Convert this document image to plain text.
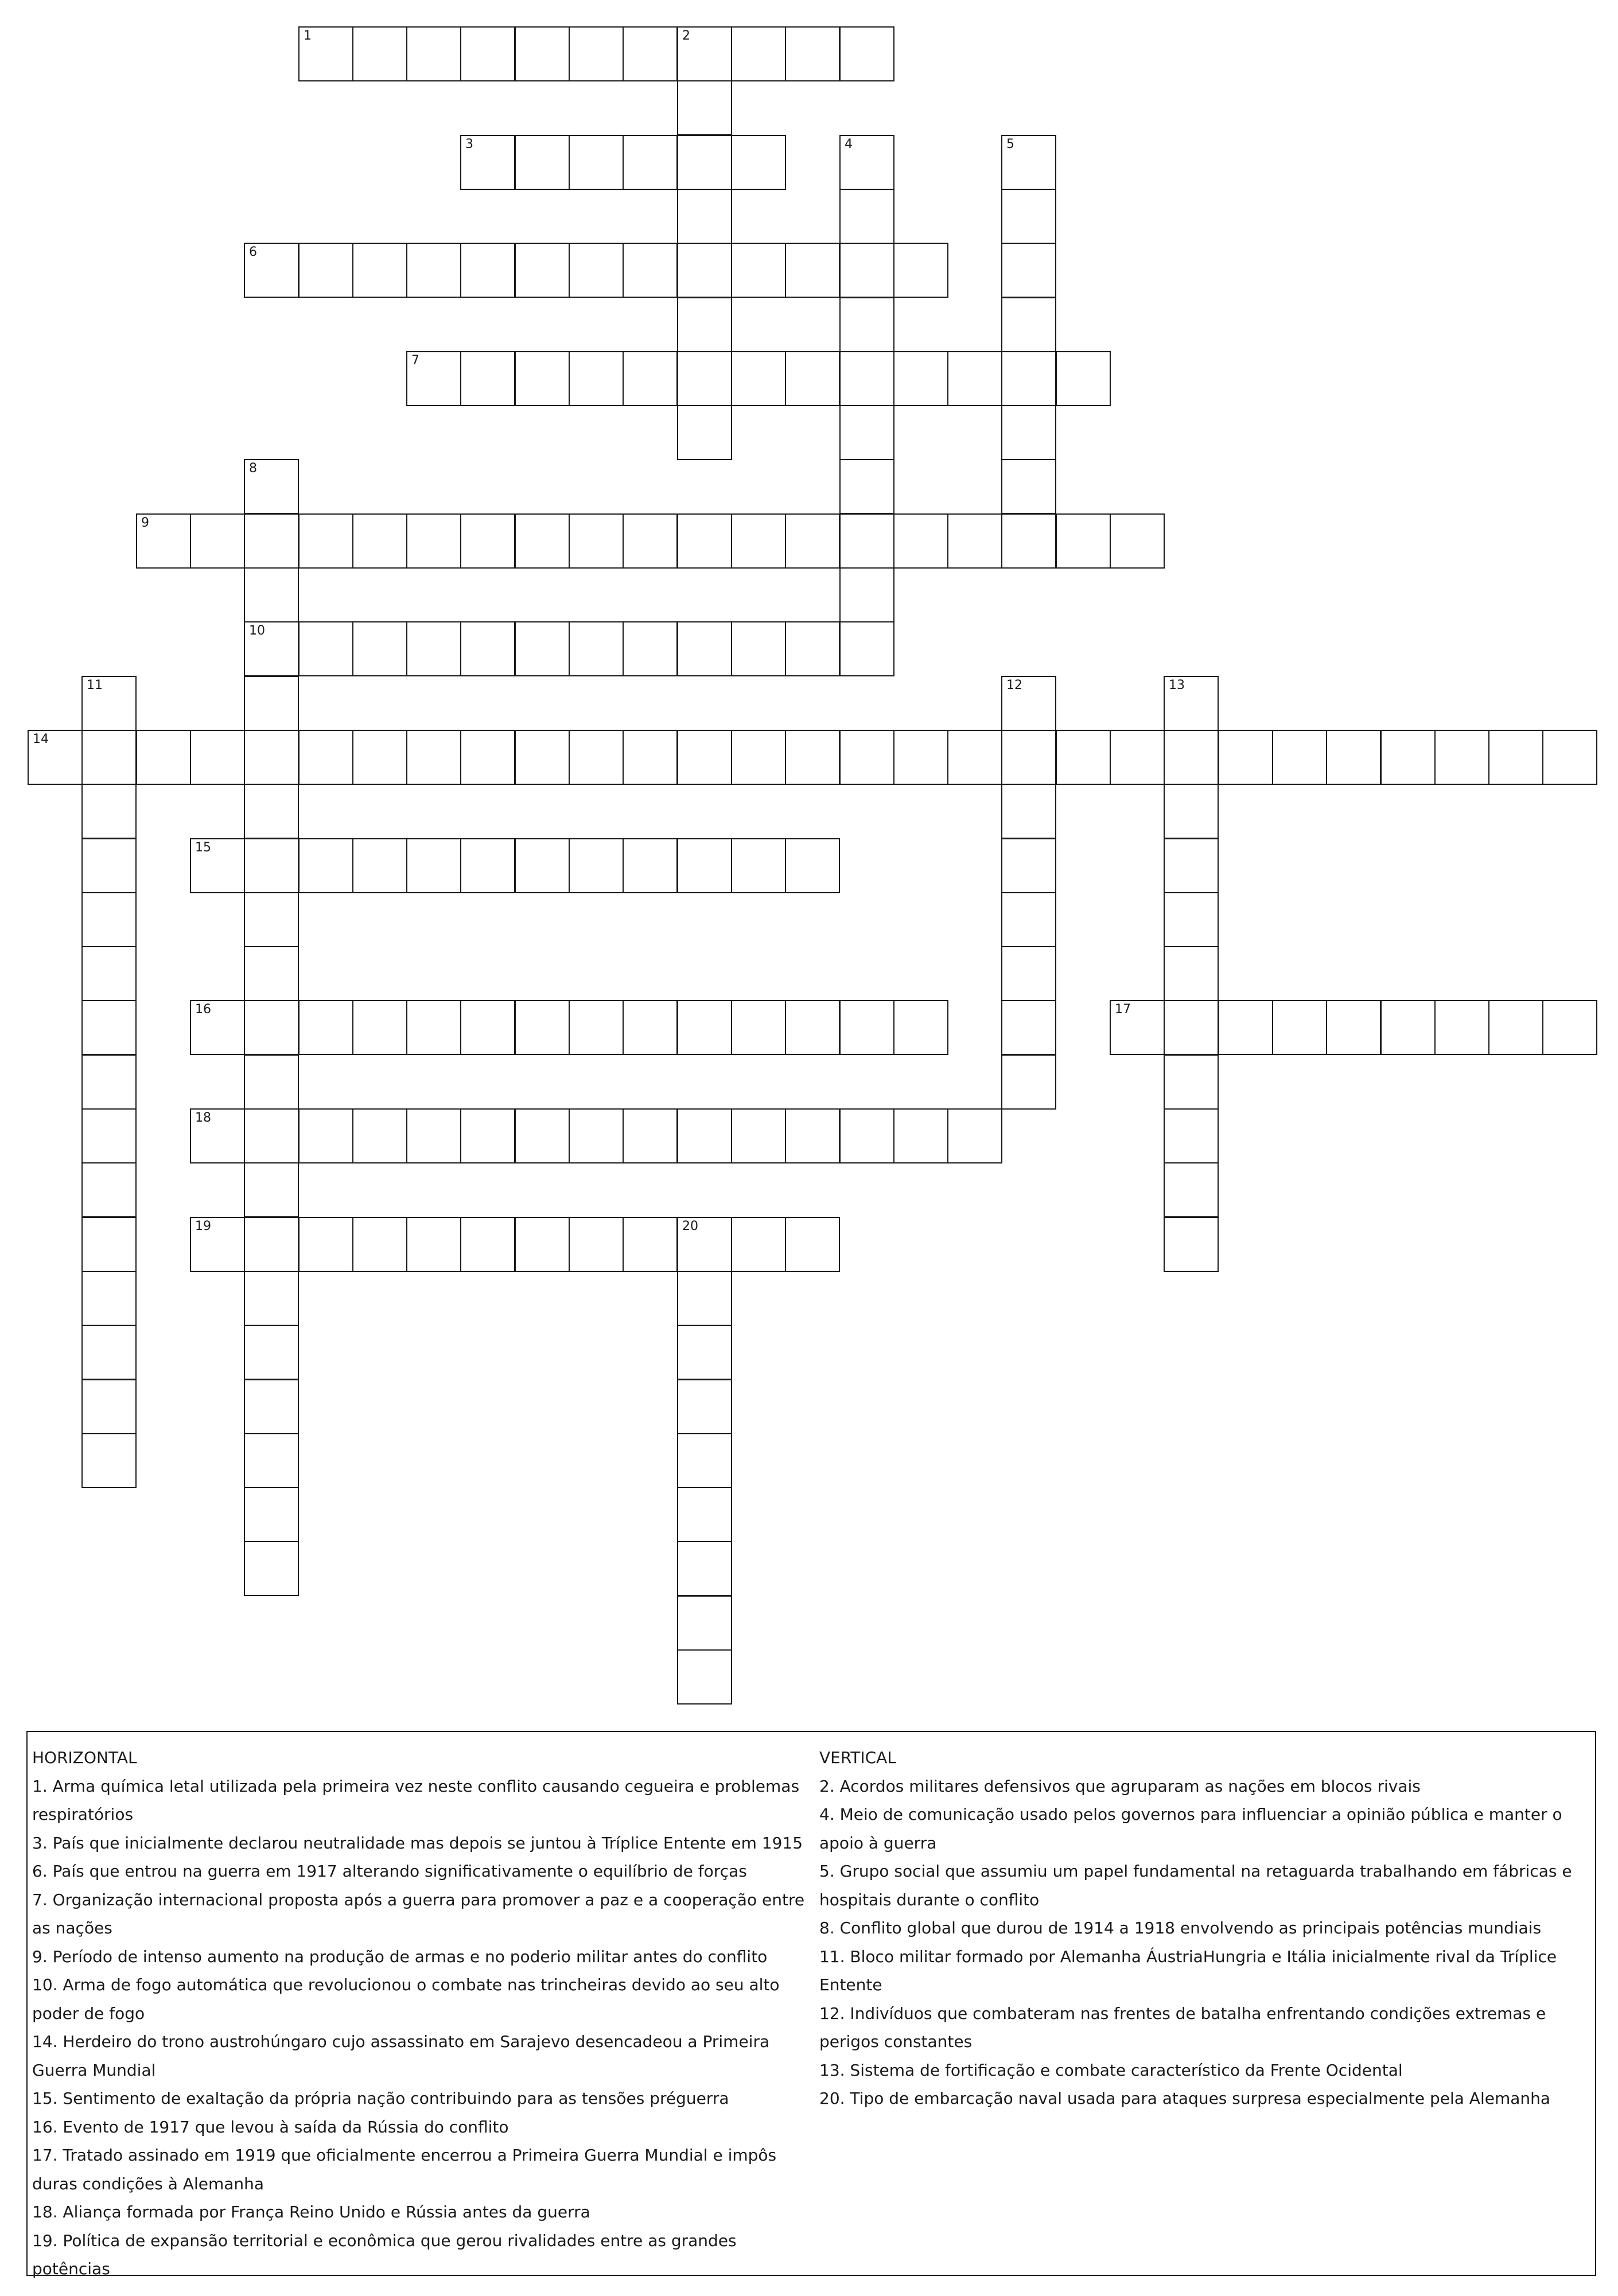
1	2
3	4	5
6
7
8
10
9
11	12	13
14
15
16	17
18
19	20

HORIZONTAL

1. Arma química letal utilizada pela primeira vez neste conflito causando cegueira e problemas respiratórios

3. País que inicialmente declarou neutralidade mas depois se juntou à Tríplice Entente em 1915

6. País que entrou na guerra em 1917 alterando significativamente o equilíbrio de forças

7. Organização internacional proposta após a guerra para promover a paz e a cooperação entre as nações

9. Período de intenso aumento na produção de armas e no poderio militar antes do conflito

10. Arma de fogo automática que revolucionou o combate nas trincheiras devido ao seu alto poder de fogo

14. Herdeiro do trono austrohúngaro cujo assassinato em Sarajevo desencadeou a Primeira Guerra Mundial

15. Sentimento de exaltação da própria nação contribuindo para as tensões préguerra

16. Evento de 1917 que levou à saída da Rússia do conflito

17. Tratado assinado em 1919 que oficialmente encerrou a Primeira Guerra Mundial e impôs duras condições à Alemanha

18. Aliança formada por França Reino Unido e Rússia antes da guerra

19. Política de expansão territorial e econômica que gerou rivalidades entre as grandes potências

VERTICAL

2. Acordos militares defensivos que agruparam as nações em blocos rivais

4. Meio de comunicação usado pelos governos para influenciar a opinião pública e manter o apoio à guerra

5. Grupo social que assumiu um papel fundamental na retaguarda trabalhando em fábricas e hospitais durante o conflito

8. Conflito global que durou de 1914 a 1918 envolvendo as principais potências mundiais

11. Bloco militar formado por Alemanha ÁustriaHungria e Itália inicialmente rival da Tríplice Entente

12. Indivíduos que combateram nas frentes de batalha enfrentando condições extremas e perigos constantes

13. Sistema de fortificação e combate característico da Frente Ocidental

20. Tipo de embarcação naval usada para ataques surpresa especialmente pela Alemanha
